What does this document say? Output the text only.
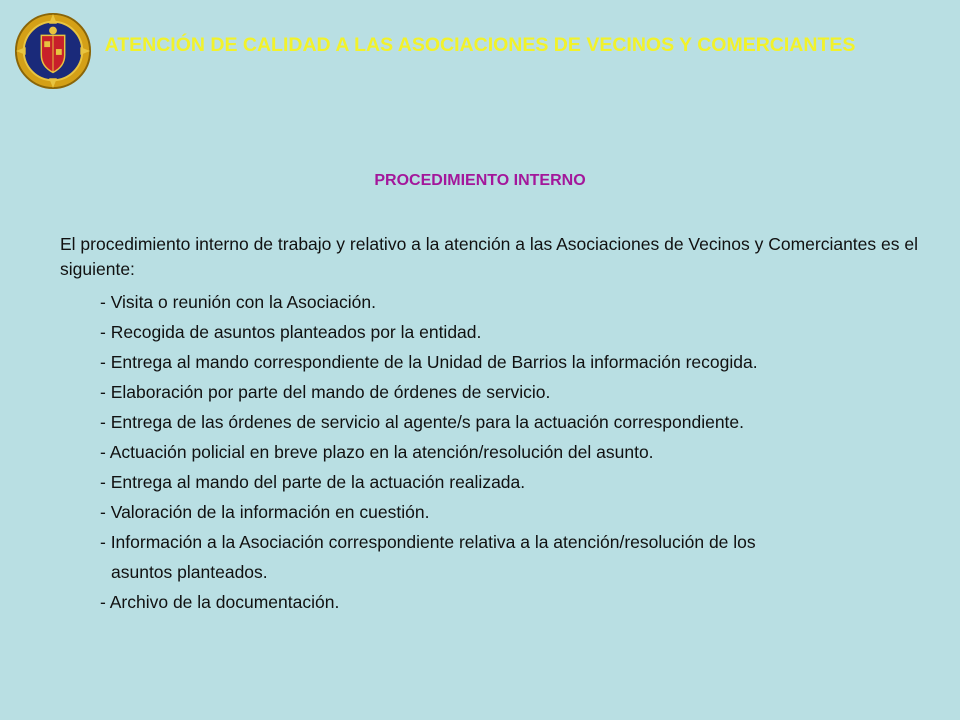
ATENCIÓN DE CALIDAD A LAS ASOCIACIONES DE VECINOS Y COMERCIANTES
PROCEDIMIENTO INTERNO
El procedimiento interno de trabajo y relativo a la atención a las Asociaciones de Vecinos y Comerciantes es el siguiente:
- Visita o reunión con la Asociación.
- Recogida de asuntos planteados por la entidad.
- Entrega al mando correspondiente de la Unidad de Barrios la información recogida.
- Elaboración por parte del mando de órdenes de servicio.
- Entrega de las órdenes de servicio al agente/s para la actuación correspondiente.
- Actuación policial en breve plazo en la atención/resolución del asunto.
- Entrega al mando del parte de la actuación realizada.
- Valoración de la información en cuestión.
- Información a la Asociación correspondiente relativa a la atención/resolución de los
asuntos planteados.
- Archivo de la documentación.
